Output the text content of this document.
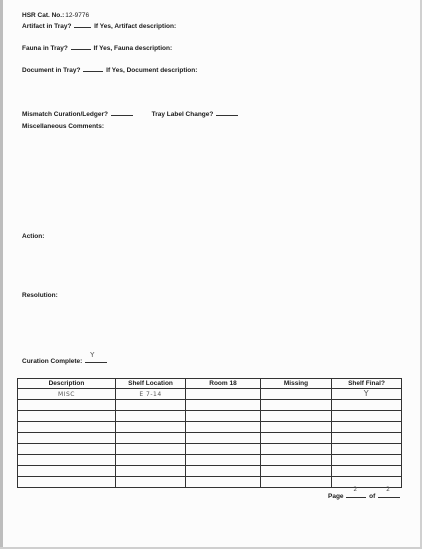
HSR Cat. No.:12-9776
Artifact in Tray?	If Yes, Artifact description:
Fauna in Tray?	If Yes, Fauna description:
Document in Tray?	If Yes, Document description:
Mismatch Curation/Ledger?	Tray Label Change?
Miscellaneous Comments:
Action:
Resolution:
Curation Complete:
Y
Description	Shelf Location	Room 18	Missing	Shelf Final?
MISC	E 7-14			Y

Page
2
of
2
